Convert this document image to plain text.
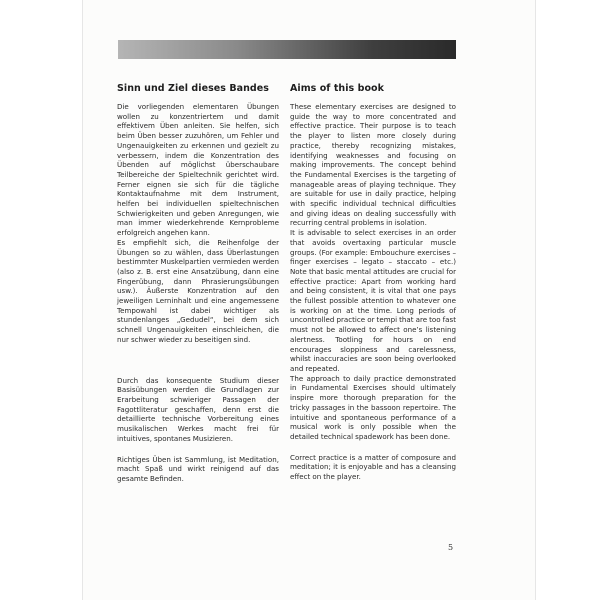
Sinn und Ziel dieses Bandes

Die vorliegenden elementaren Übungen wollen zu konzentriertem und damit effektivem Üben anleiten. Sie helfen, sich beim Üben besser zuzuhören, um Fehler und Ungenauigkeiten zu erkennen und gezielt zu verbessern, indem die Konzentration des Übenden auf möglichst überschaubare Teilbereiche der Spieltechnik gerichtet wird. Ferner eignen sie sich für die tägliche Kontaktaufnahme mit dem Instrument, helfen bei individuellen spieltechnischen Schwierigkeiten und geben Anregungen, wie man immer wiederkehrende Kernprobleme erfolgreich angehen kann.

Es empfiehlt sich, die Reihenfolge der Übungen so zu wählen, dass Überlastungen bestimmter Muskelpartien vermieden werden (also z. B. erst eine Ansatzübung, dann eine Fingerübung, dann Phrasierungsübungen usw.). Äußerste Konzentration auf den jeweiligen Lerninhalt und eine angemessene Tempowahl ist dabei wichtiger als stundenlanges „Gedudel“, bei dem sich schnell Ungenauigkeiten einschleichen, die nur schwer wieder zu beseitigen sind.

Durch das konsequente Studium dieser Basisübungen werden die Grundlagen zur Erarbeitung schwieriger Passagen der Fagottliteratur geschaffen, denn erst die detaillierte technische Vorbereitung eines musikalischen Werkes macht frei für intuitives, spontanes Musizieren.

Richtiges Üben ist Sammlung, ist Meditation, macht Spaß und wirkt reinigend auf das gesamte Befinden.

Aims of this book

These elementary exercises are designed to guide the way to more concentrated and effective practice. Their purpose is to teach the player to listen more closely during practice, thereby recognizing mistakes, identifying weaknesses and focusing on making improvements. The concept behind the Fundamental Exercises is the targeting of manageable areas of playing technique. They are suitable for use in daily practice, helping with specific individual technical difficulties and giving ideas on dealing successfully with recurring central problems in isolation.

It is advisable to select exercises in an order that avoids overtaxing particular muscle groups. (For example: Embouchure exercises – finger exercises – legato – staccato – etc.) Note that basic mental attitudes are crucial for effective practice: Apart from working hard and being consistent, it is vital that one pays the fullest possible attention to whatever one is working on at the time. Long periods of uncontrolled practice or tempi that are too fast must not be allowed to affect one’s listening alertness. Tootling for hours on end encourages sloppiness and carelessness, whilst inaccuracies are soon being overlooked and repeated.

The approach to daily practice demonstrated in Fundamental Exercises should ultimately inspire more thorough preparation for the tricky passages in the bassoon repertoire. The intuitive and spontaneous performance of a musical work is only possible when the detailed technical spadework has been done.

Correct practice is a matter of composure and meditation; it is enjoyable and has a cleansing effect on the player.

5
